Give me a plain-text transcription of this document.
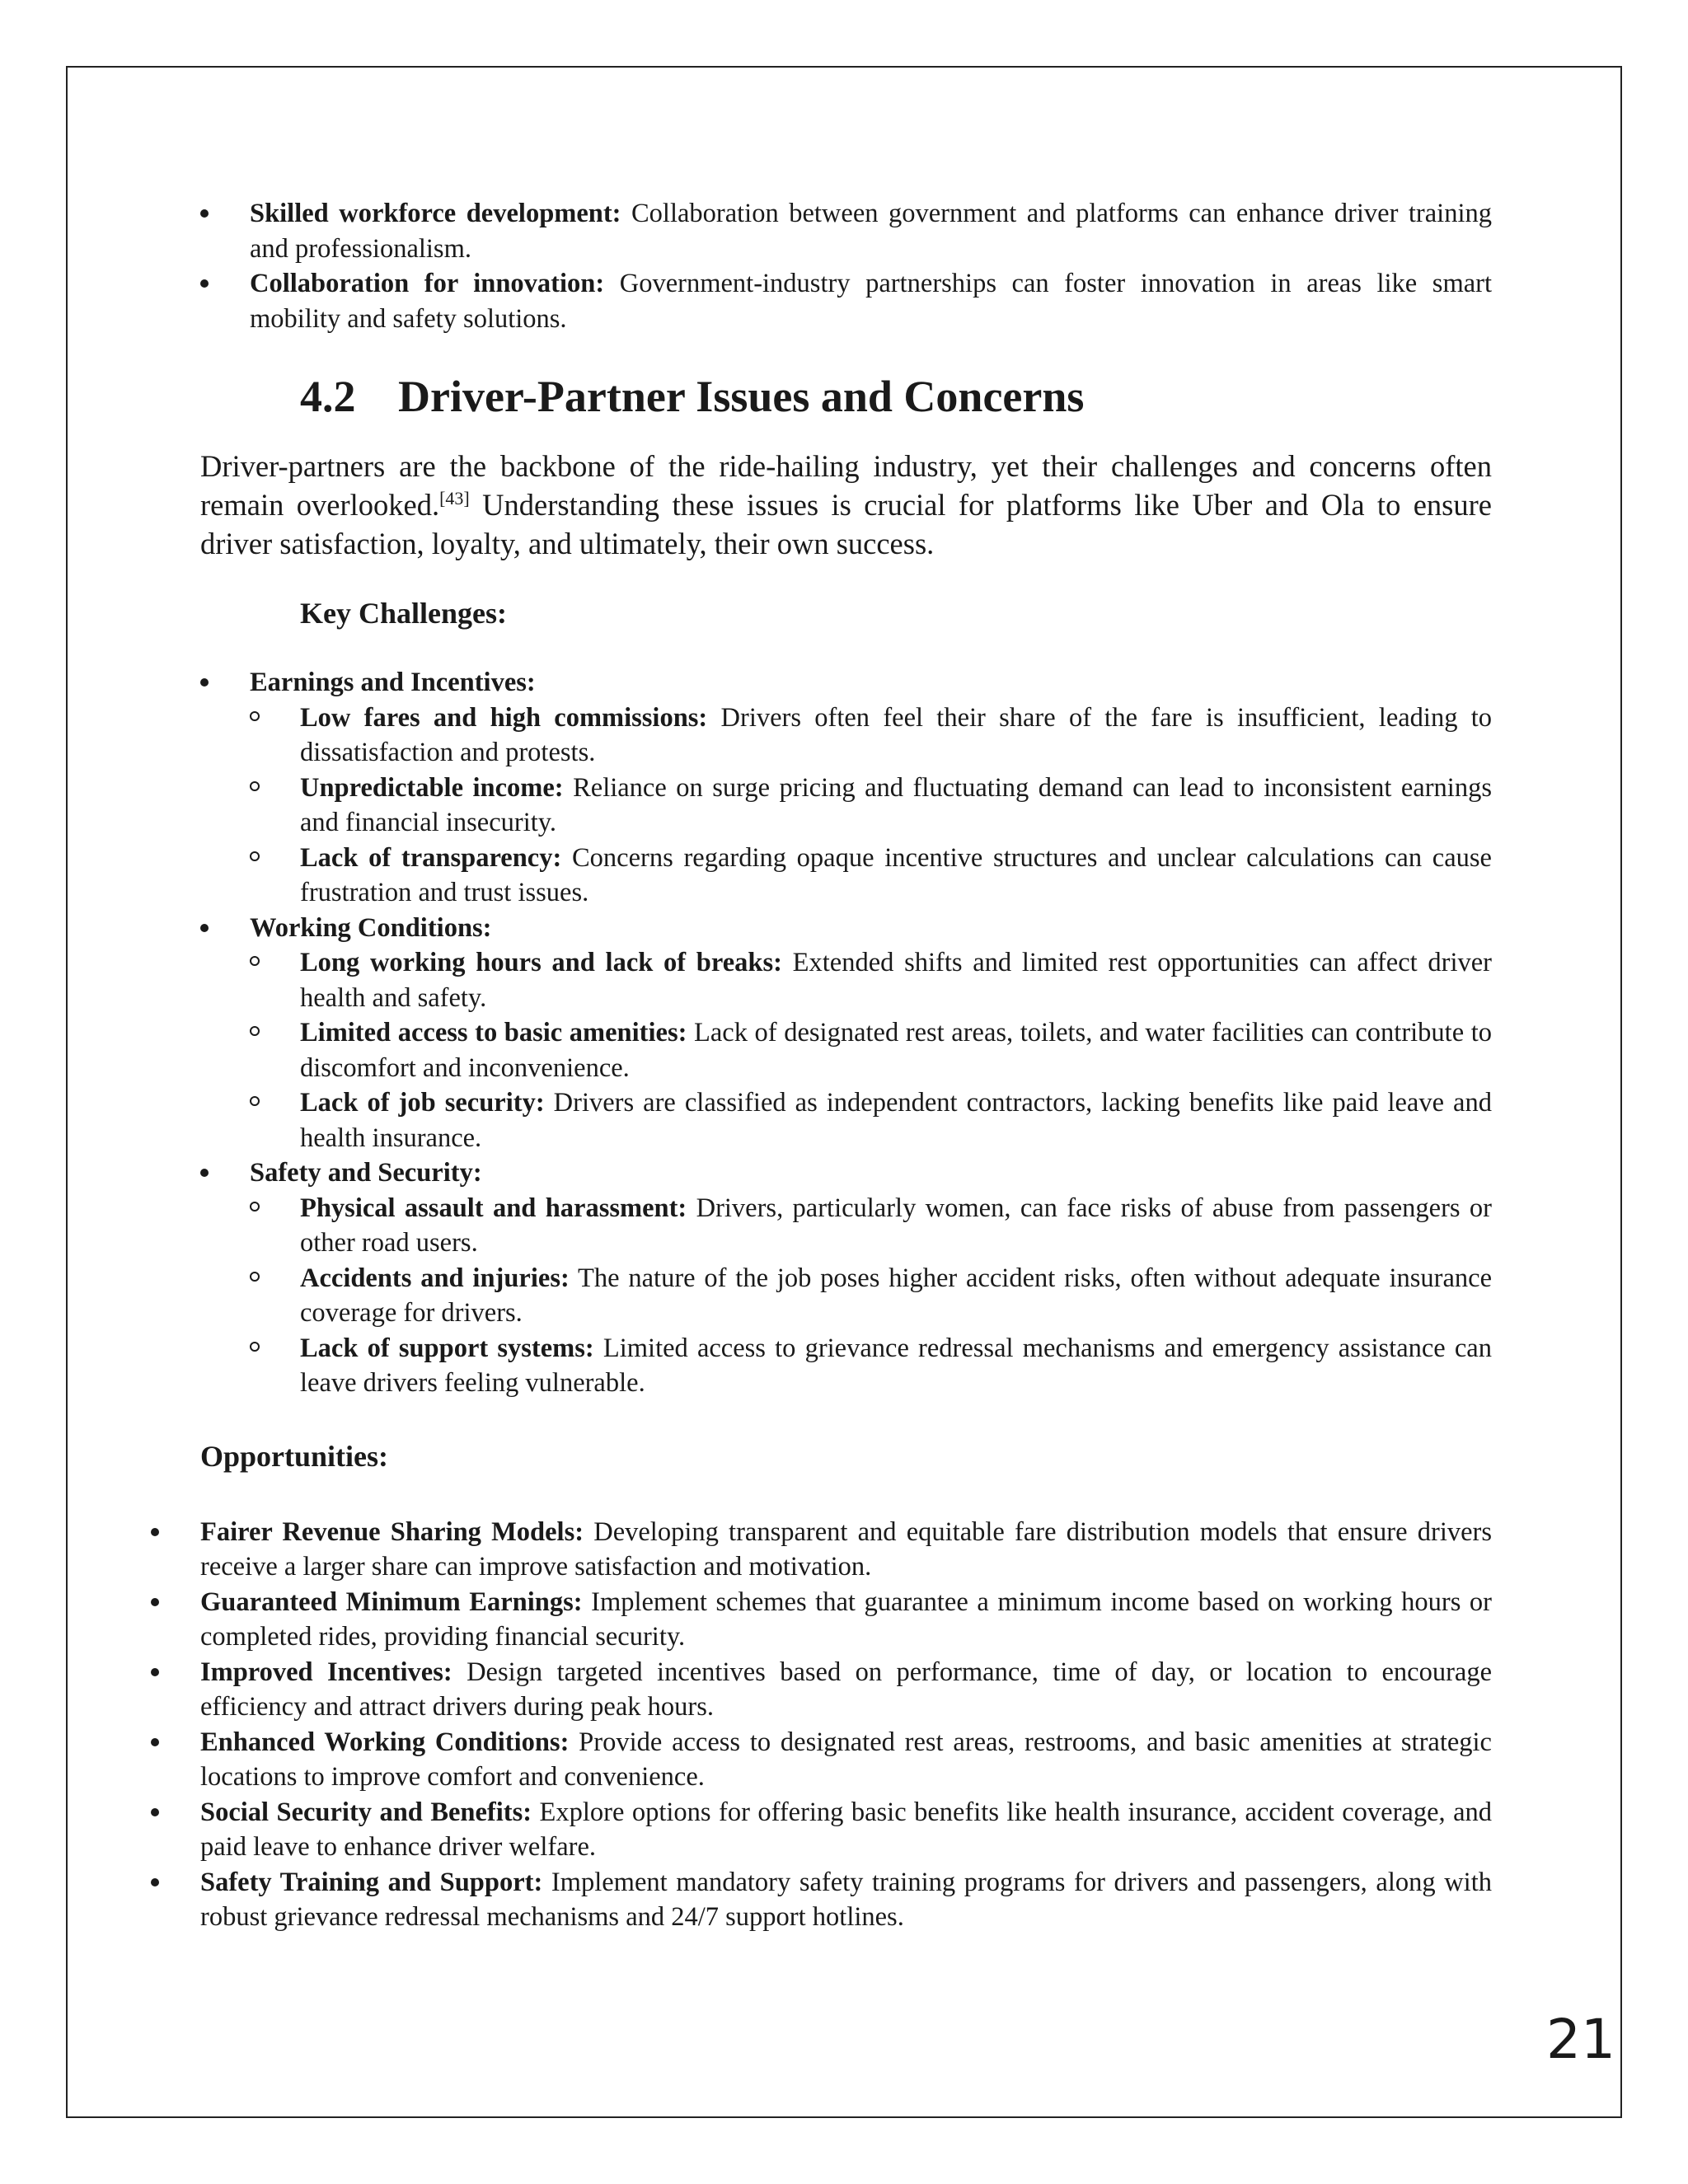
Skilled workforce development: Collaboration between government and platforms can enhance driver training and professionalism.
Collaboration for innovation: Government-industry partnerships can foster innovation in areas like smart mobility and safety solutions.
4.2 Driver-Partner Issues and Concerns

Driver-partners are the backbone of the ride-hailing industry, yet their challenges and concerns often remain overlooked.[43] Understanding these issues is crucial for platforms like Uber and Ola to ensure driver satisfaction, loyalty, and ultimately, their own success.

Key Challenges:
Earnings and Incentives:
Low fares and high commissions: Drivers often feel their share of the fare is insufficient, leading to dissatisfaction and protests.
Unpredictable income: Reliance on surge pricing and fluctuating demand can lead to inconsistent earnings and financial insecurity.
Lack of transparency: Concerns regarding opaque incentive structures and unclear calculations can cause frustration and trust issues.
Working Conditions:
Long working hours and lack of breaks: Extended shifts and limited rest opportunities can affect driver health and safety.
Limited access to basic amenities: Lack of designated rest areas, toilets, and water facilities can contribute to discomfort and inconvenience.
Lack of job security: Drivers are classified as independent contractors, lacking benefits like paid leave and health insurance.
Safety and Security:
Physical assault and harassment: Drivers, particularly women, can face risks of abuse from passengers or other road users.
Accidents and injuries: The nature of the job poses higher accident risks, often without adequate insurance coverage for drivers.
Lack of support systems: Limited access to grievance redressal mechanisms and emergency assistance can leave drivers feeling vulnerable.
Opportunities:
Fairer Revenue Sharing Models: Developing transparent and equitable fare distribution models that ensure drivers receive a larger share can improve satisfaction and motivation.
Guaranteed Minimum Earnings: Implement schemes that guarantee a minimum income based on working hours or completed rides, providing financial security.
Improved Incentives: Design targeted incentives based on performance, time of day, or location to encourage efficiency and attract drivers during peak hours.
Enhanced Working Conditions: Provide access to designated rest areas, restrooms, and basic amenities at strategic locations to improve comfort and convenience.
Social Security and Benefits: Explore options for offering basic benefits like health insurance, accident coverage, and paid leave to enhance driver welfare.
Safety Training and Support: Implement mandatory safety training programs for drivers and passengers, along with robust grievance redressal mechanisms and 24/7 support hotlines.
21
